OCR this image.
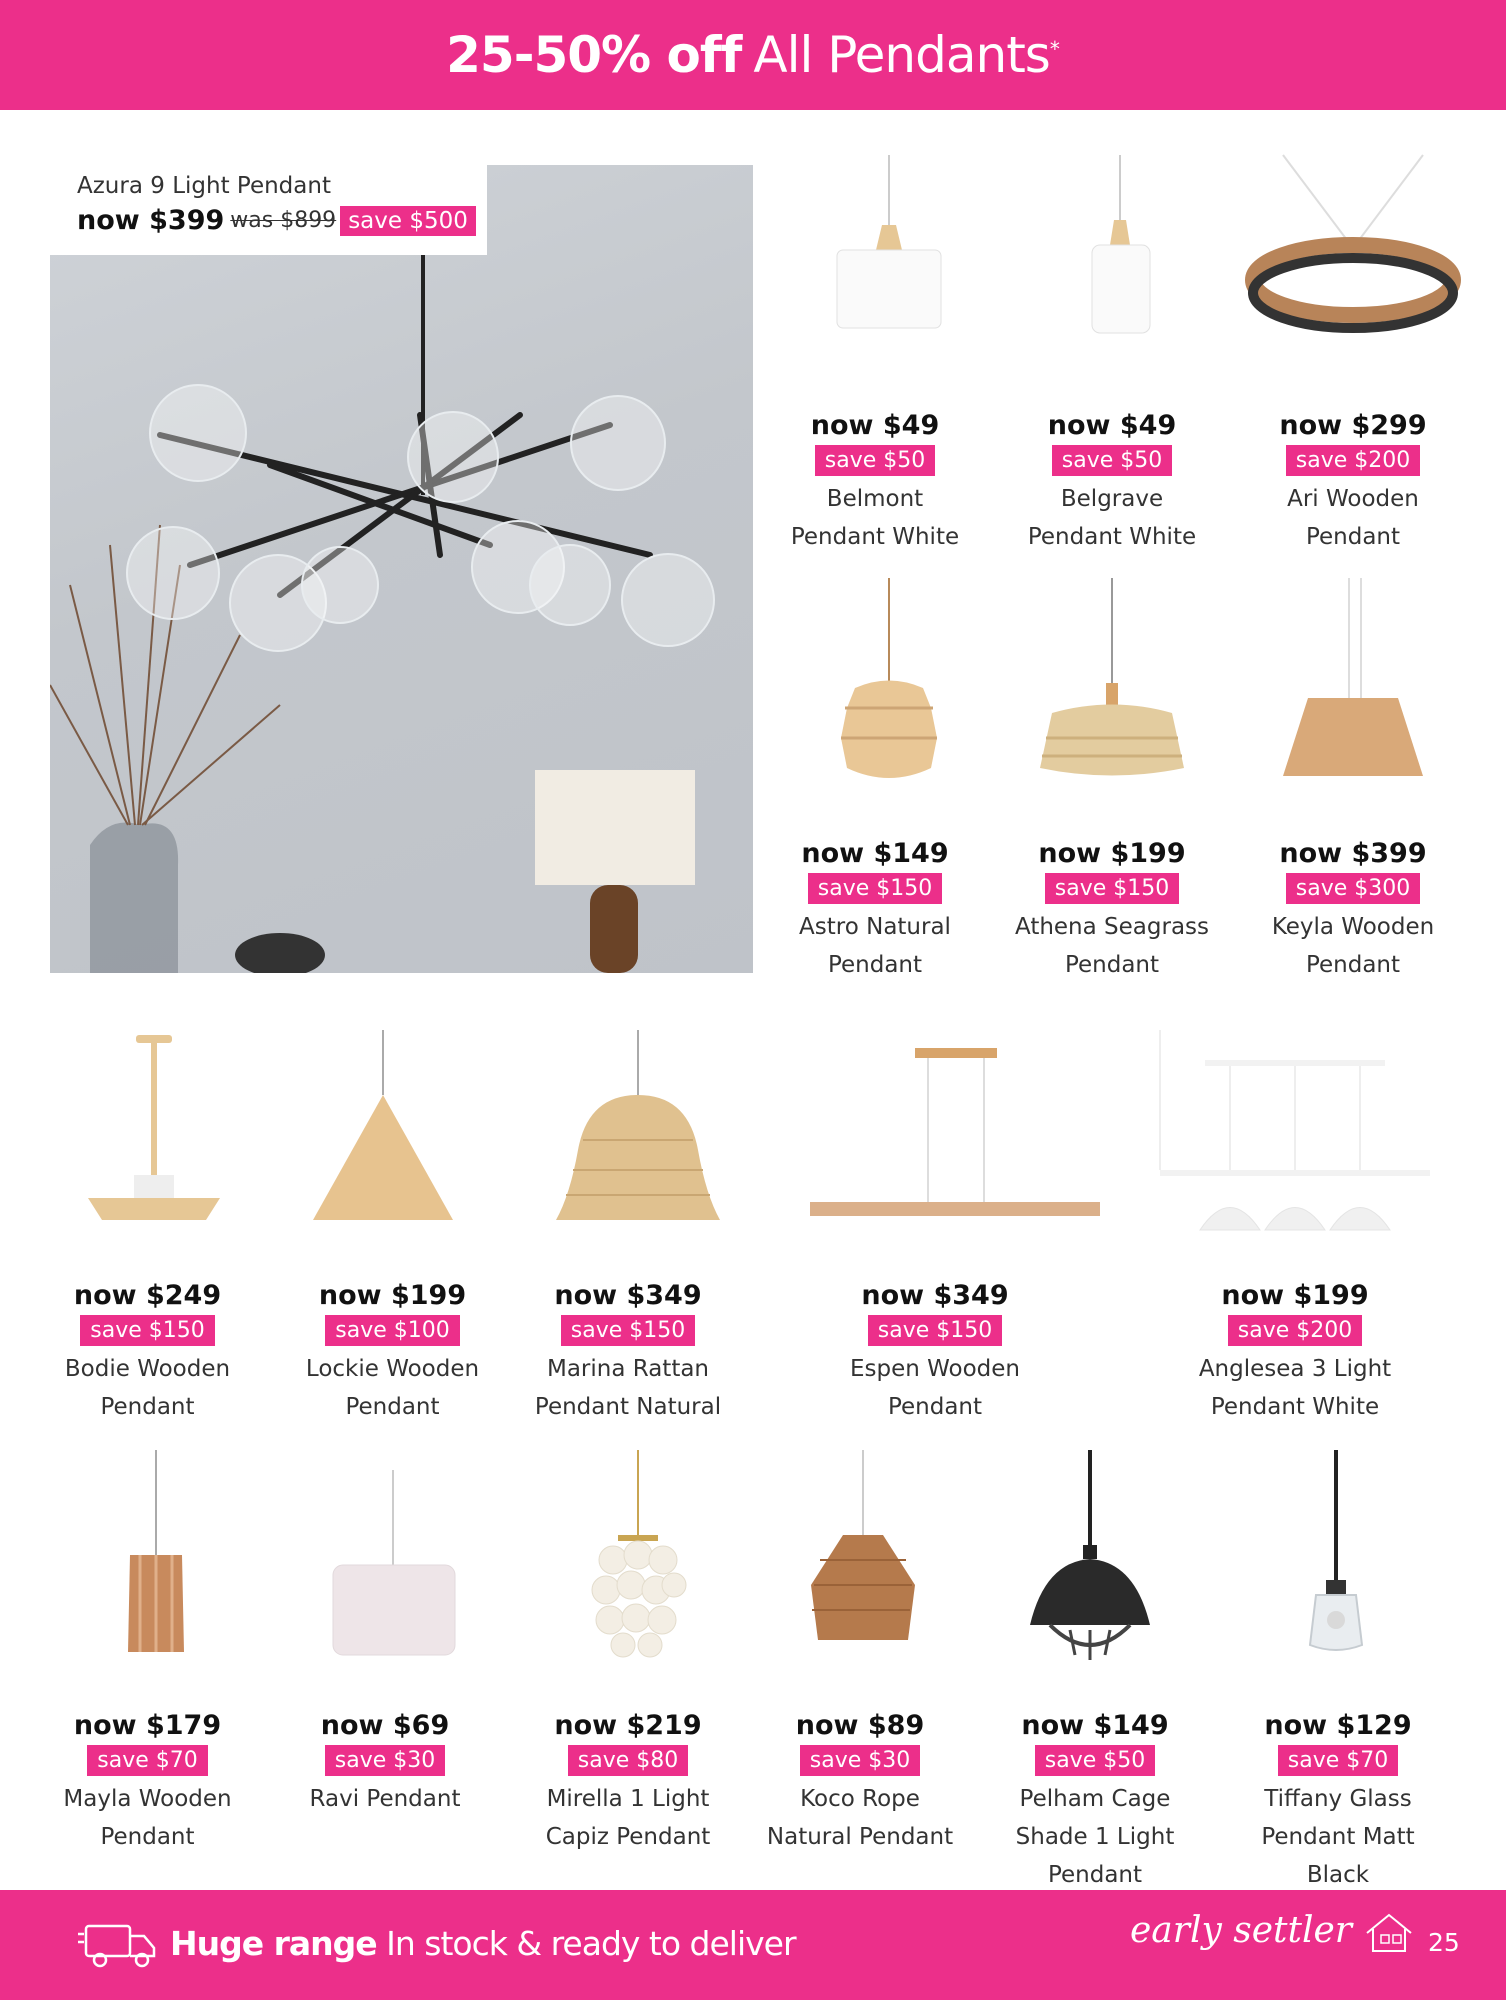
25-50% off All Pendants*
Azura 9 Light Pendant
now $399 was $899 save $500
now $49
save $50
Belmont
Pendant White
now $49
save $50
Belgrave
Pendant White
now $299
save $200
Ari Wooden
Pendant
now $149
save $150
Astro Natural
Pendant
now $199
save $150
Athena Seagrass
Pendant
now $399
save $300
Keyla Wooden
Pendant
now $249
save $150
Bodie Wooden
Pendant
now $199
save $100
Lockie Wooden
Pendant
now $349
save $150
Marina Rattan
Pendant Natural
now $349
save $150
Espen Wooden
Pendant
now $199
save $200
Anglesea 3 Light
Pendant White
now $179
save $70
Mayla Wooden
Pendant
now $69
save $30
Ravi Pendant
now $219
save $80
Mirella 1 Light
Capiz Pendant
now $89
save $30
Koco Rope
Natural Pendant
now $149
save $50
Pelham Cage
Shade 1 Light
Pendant
now $129
save $70
Tiffany Glass
Pendant Matt
Black
Huge range In stock & ready to deliver	early settler	25
